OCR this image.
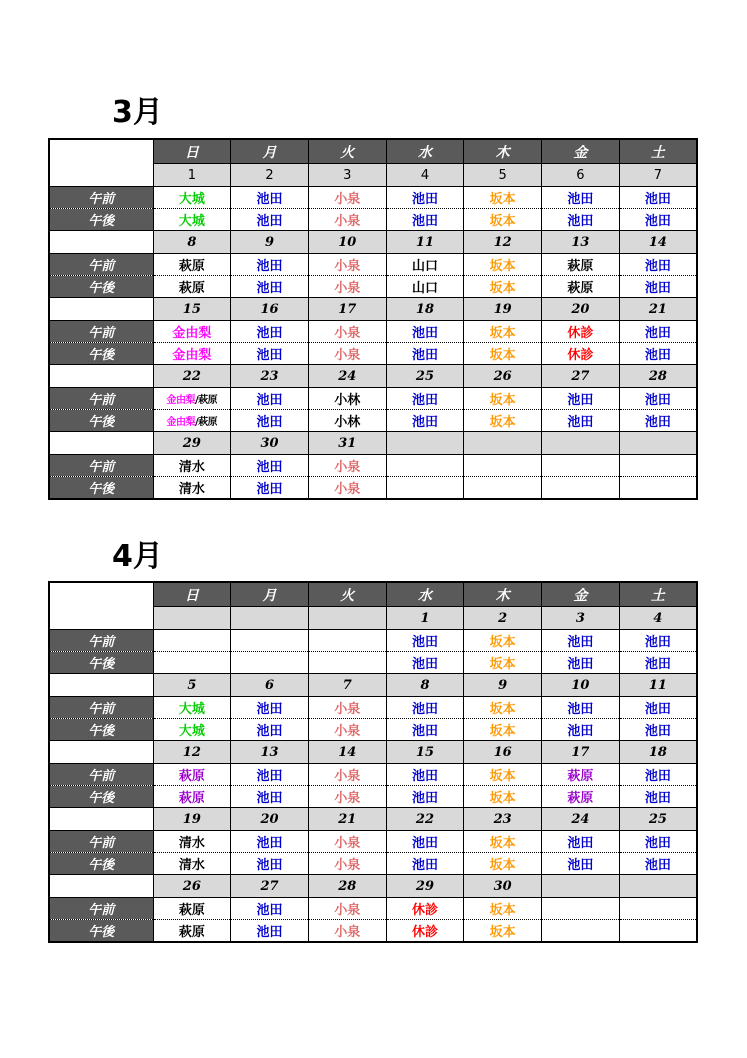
3月
	日	月	火	水	木	金	土
	1	2	3	4	5	6	7
午前	大城	池田	小泉	池田	坂本	池田	池田
午後	大城	池田	小泉	池田	坂本	池田	池田
	8	9	10	11	12	13	14
午前	萩原	池田	小泉	山口	坂本	萩原	池田
午後	萩原	池田	小泉	山口	坂本	萩原	池田
	15	16	17	18	19	20	21
午前	金由梨	池田	小泉	池田	坂本	休診	池田
午後	金由梨	池田	小泉	池田	坂本	休診	池田
	22	23	24	25	26	27	28
午前	金由梨/萩原	池田	小林	池田	坂本	池田	池田
午後	金由梨/萩原	池田	小林	池田	坂本	池田	池田
	29	30	31				
午前	清水	池田	小泉				
午後	清水	池田	小泉				
4月
	日	月	火	水	木	金	土
				1	2	3	4
午前				池田	坂本	池田	池田
午後				池田	坂本	池田	池田
	5	6	7	8	9	10	11
午前	大城	池田	小泉	池田	坂本	池田	池田
午後	大城	池田	小泉	池田	坂本	池田	池田
	12	13	14	15	16	17	18
午前	萩原	池田	小泉	池田	坂本	萩原	池田
午後	萩原	池田	小泉	池田	坂本	萩原	池田
	19	20	21	22	23	24	25
午前	清水	池田	小泉	池田	坂本	池田	池田
午後	清水	池田	小泉	池田	坂本	池田	池田
	26	27	28	29	30		
午前	萩原	池田	小泉	休診	坂本		
午後	萩原	池田	小泉	休診	坂本		
